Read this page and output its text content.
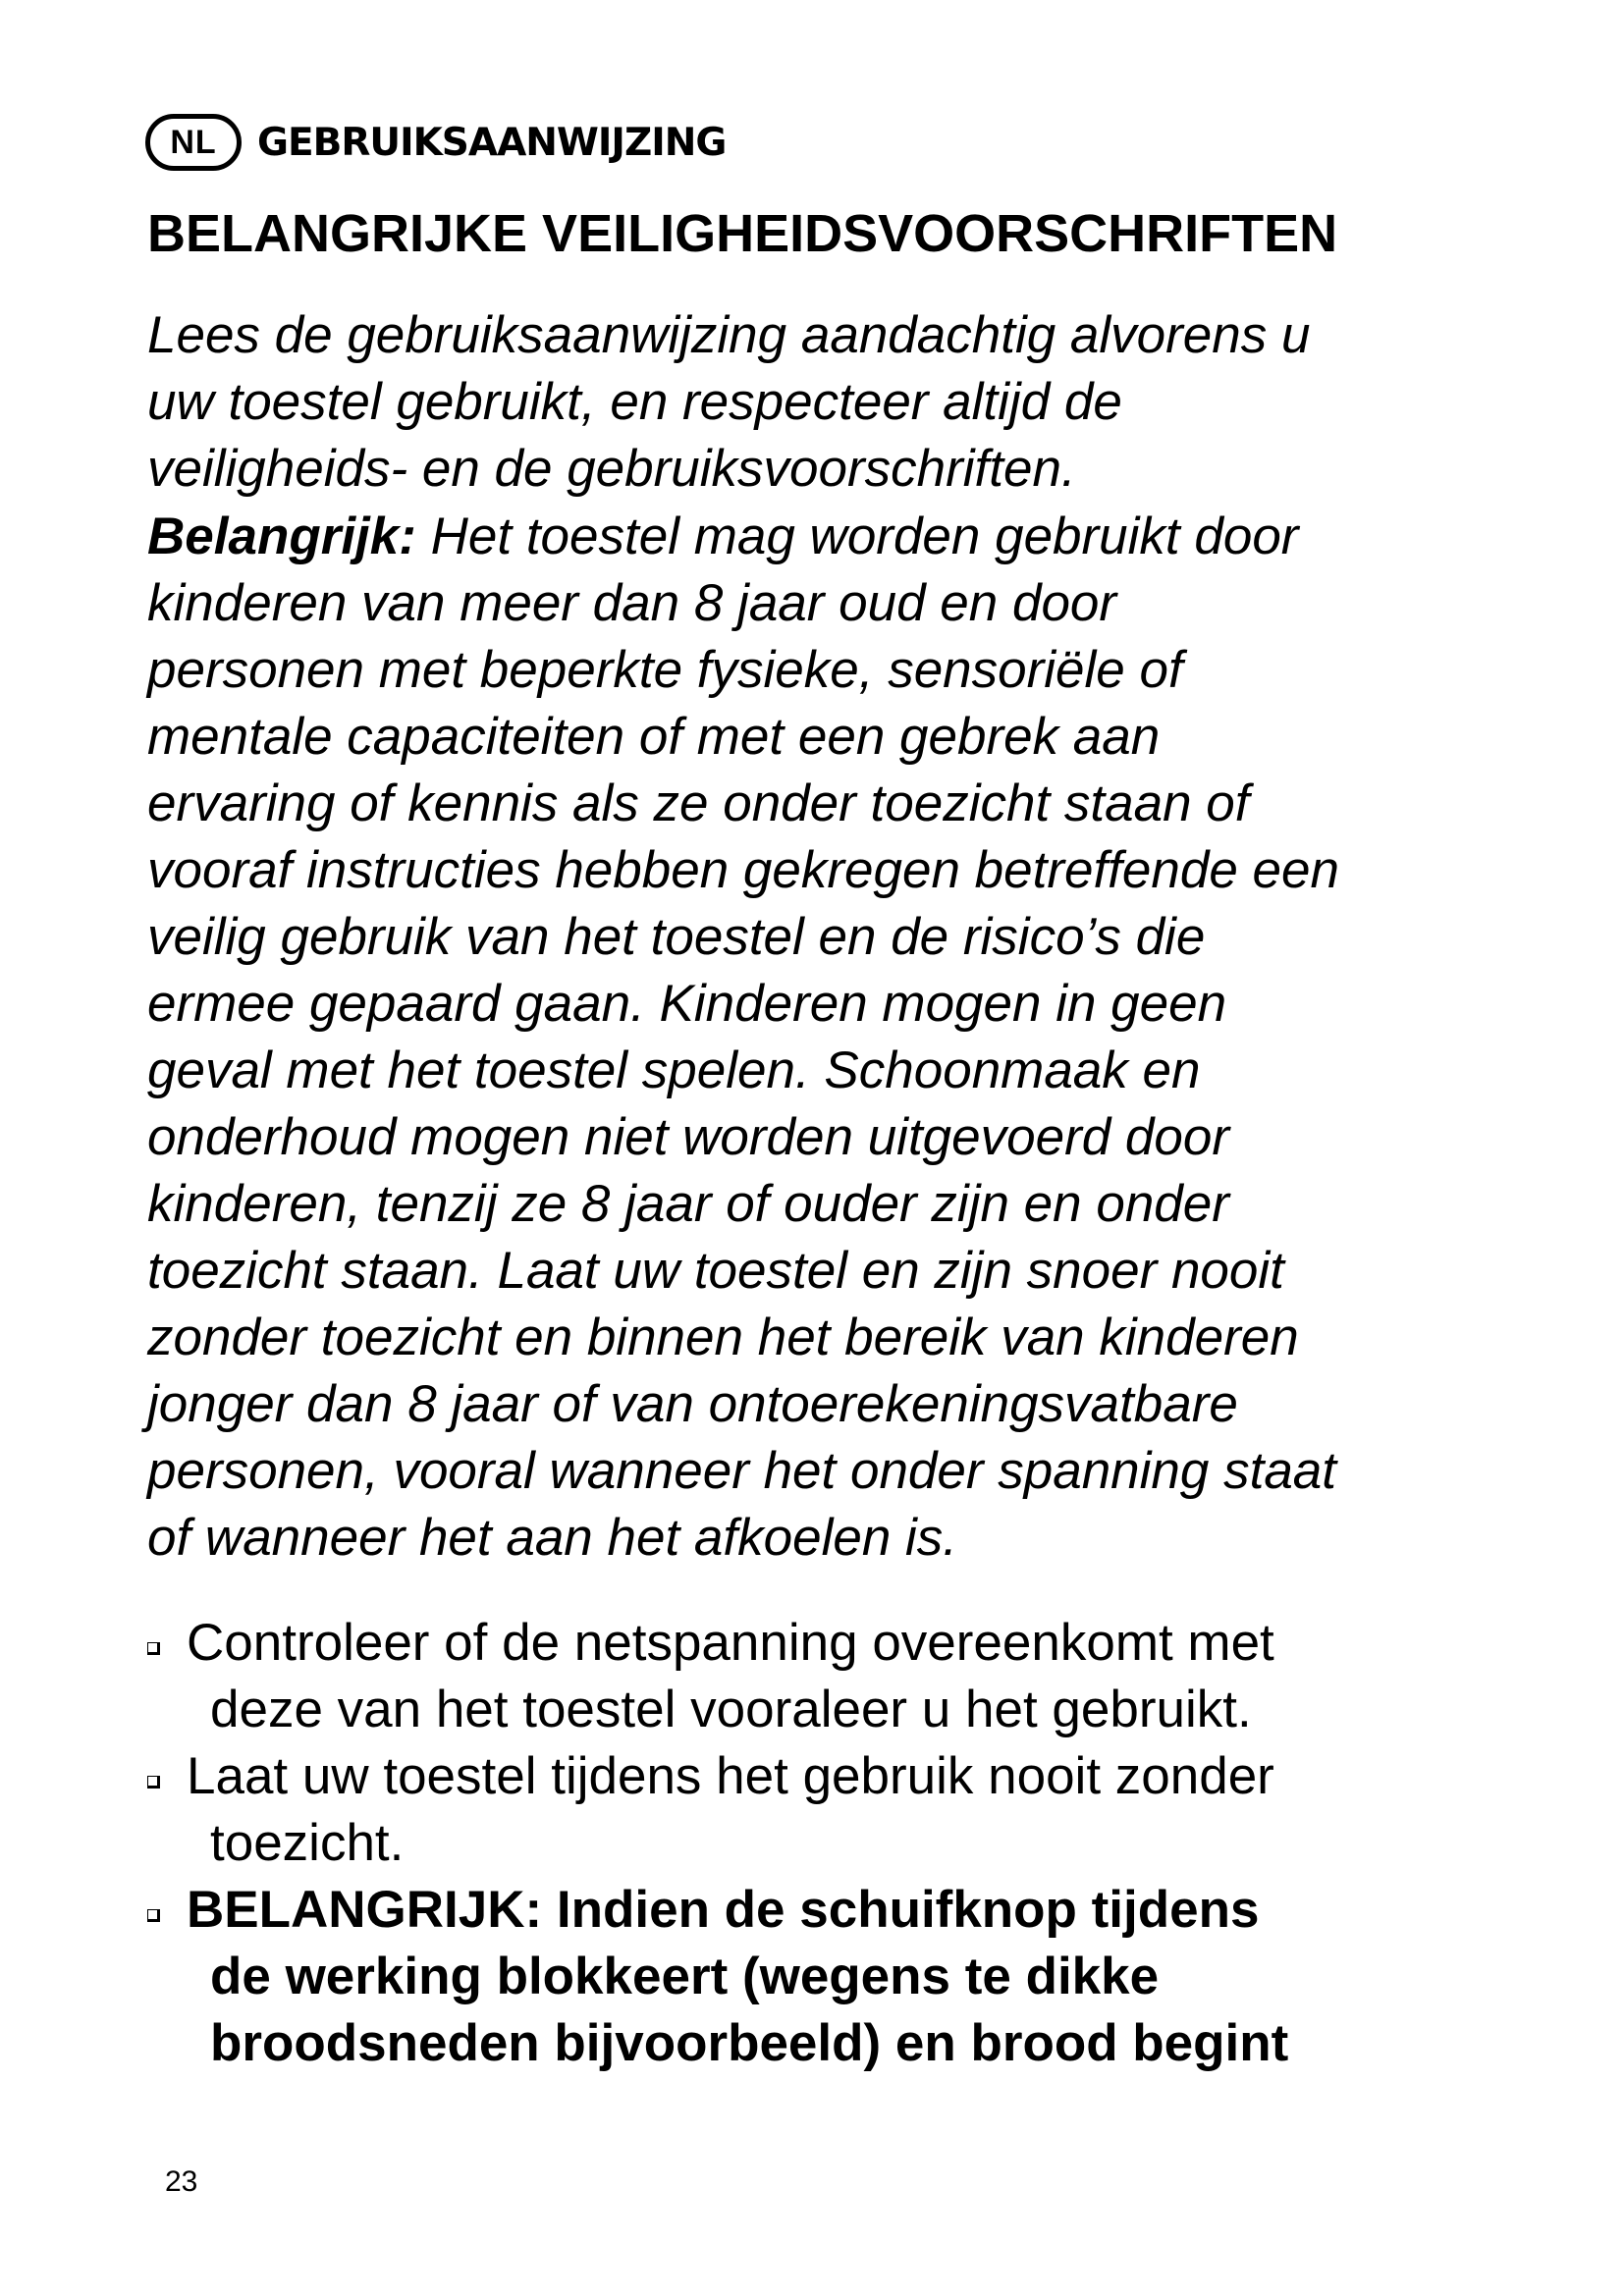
NL	GEBRUIKSAANWIJZING
BELANGRIJKE VEILIGHEIDSVOORSCHRIFTEN

Lees de gebruiksaanwijzing aandachtig alvorens u
uw toestel gebruikt, en respecteer altijd de
veiligheids- en de gebruiksvoorschriften.

Belangrijk: Het toestel mag worden gebruikt door
kinderen van meer dan 8 jaar oud en door
personen met beperkte fysieke, sensoriële of
mentale capaciteiten of met een gebrek aan
ervaring of kennis als ze onder toezicht staan of
vooraf instructies hebben gekregen betreffende een
veilig gebruik van het toestel en de risico’s die
ermee gepaard gaan. Kinderen mogen in geen
geval met het toestel spelen. Schoonmaak en
onderhoud mogen niet worden uitgevoerd door
kinderen, tenzij ze 8 jaar of ouder zijn en onder
toezicht staan. Laat uw toestel en zijn snoer nooit
zonder toezicht en binnen het bereik van kinderen
jonger dan 8 jaar of van ontoerekeningsvatbare
personen, vooral wanneer het onder spanning staat
of wanneer het aan het afkoelen is.

Controleer of de netspanning overeenkomt met
deze van het toestel vooraleer u het gebruikt.
Laat uw toestel tijdens het gebruik nooit zonder
toezicht.
BELANGRIJK: Indien de schuifknop tijdens
de werking blokkeert (wegens te dikke
broodsneden bijvoorbeeld) en brood begint
23
